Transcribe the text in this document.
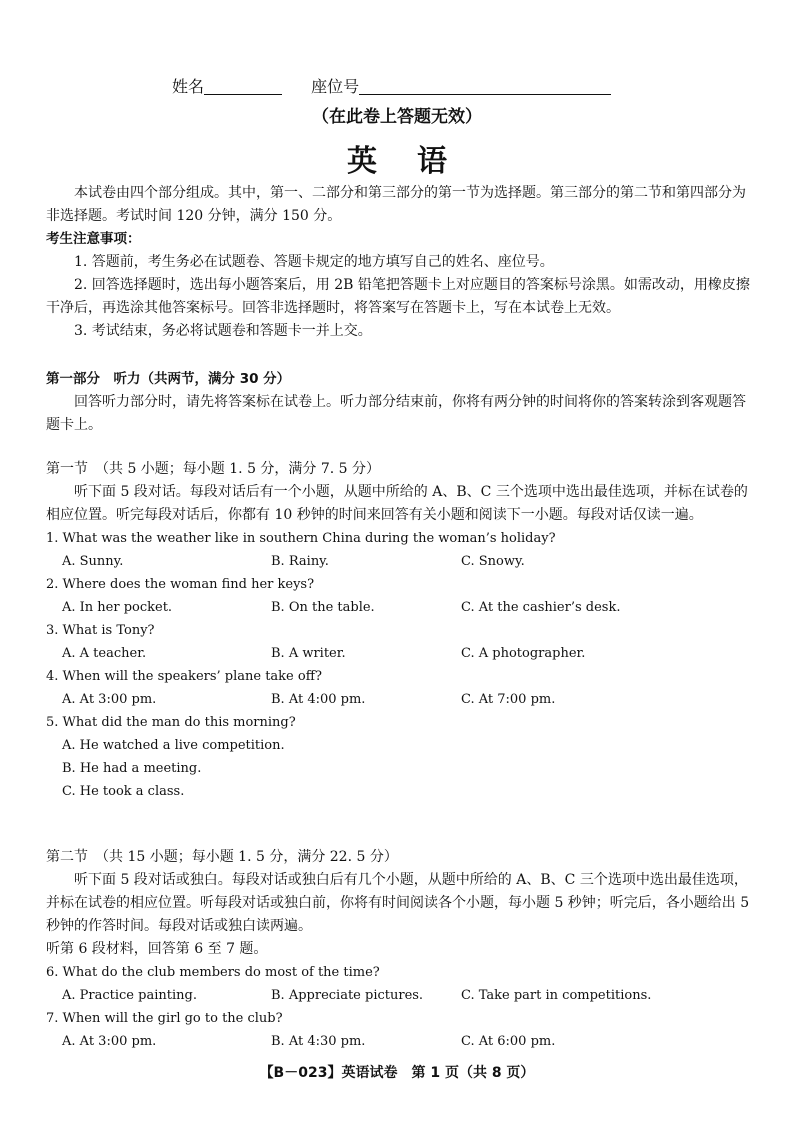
姓名	座位号
（在此卷上答题无效）
英语
本试卷由四个部分组成。其中，第一、二部分和第三部分的第一节为选择题。第三部分的第二节和第四部分为非选择题。考试时间 120 分钟，满分 150 分。
考生注意事项：
1. 答题前，考生务必在试题卷、答题卡规定的地方填写自己的姓名、座位号。
2. 回答选择题时，选出每小题答案后，用 2B 铅笔把答题卡上对应题目的答案标号涂黑。如需改动，用橡皮擦干净后，再选涂其他答案标号。回答非选择题时，将答案写在答题卡上，写在本试卷上无效。
3. 考试结束，务必将试题卷和答题卡一并上交。
第一部分　听力（共两节，满分 30 分）
回答听力部分时，请先将答案标在试卷上。听力部分结束前，你将有两分钟的时间将你的答案转涂到客观题答题卡上。
第一节　（共 5 小题；每小题 1. 5 分，满分 7. 5 分）
听下面 5 段对话。每段对话后有一个小题，从题中所给的 A、B、C 三个选项中选出最佳选项，并标在试卷的相应位置。听完每段对话后，你都有 10 秒钟的时间来回答有关小题和阅读下一小题。每段对话仅读一遍。
1. What was the weather like in southern China during the woman’s holiday?
A. Sunny.	B. Rainy.	C. Snowy.
2. Where does the woman find her keys?
A. In her pocket.	B. On the table.	C. At the cashier’s desk.
3. What is Tony?
A. A teacher.	B. A writer.	C. A photographer.
4. When will the speakers’ plane take off?
A. At 3:00 pm.	B. At 4:00 pm.	C. At 7:00 pm.
5. What did the man do this morning?
A. He watched a live competition.
B. He had a meeting.
C. He took a class.
第二节　（共 15 小题；每小题 1. 5 分，满分 22. 5 分）
听下面 5 段对话或独白。每段对话或独白后有几个小题，从题中所给的 A、B、C 三个选项中选出最佳选项，并标在试卷的相应位置。听每段对话或独白前，你将有时间阅读各个小题，每小题 5 秒钟；听完后，各小题给出 5 秒钟的作答时间。每段对话或独白读两遍。
听第 6 段材料，回答第 6 至 7 题。
6. What do the club members do most of the time?
A. Practice painting.	B. Appreciate pictures.	C. Take part in competitions.
7. When will the girl go to the club?
A. At 3:00 pm.	B. At 4:30 pm.	C. At 6:00 pm.
【B－023】英语试卷　第 1 页（共 8 页）
